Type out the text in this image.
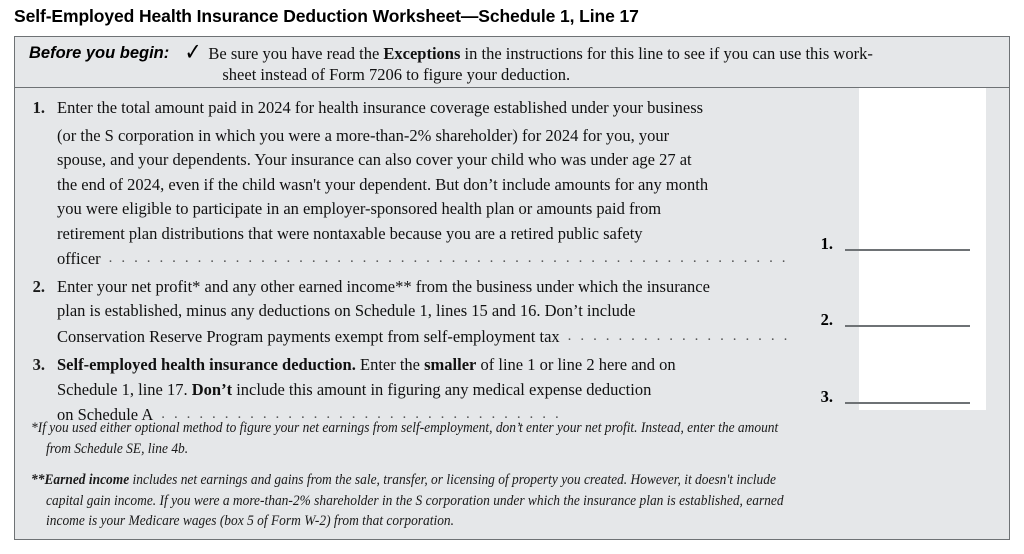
Self-Employed Health Insurance Deduction Worksheet—Schedule 1, Line 17
Before you begin: ✓ Be sure you have read the Exceptions in the instructions for this line to see if you can use this work-
sheet instead of Form 7206 to figure your deduction.
1. Enter the total amount paid in 2024 for health insurance coverage established under your business
(or the S corporation in which you were a more-than-2% shareholder) for 2024 for you, your
spouse, and your dependents. Your insurance can also cover your child who was under age 27 at
the end of 2024, even if the child wasn't your dependent. But don’t include amounts for any month
you were eligible to participate in an employer-sponsored health plan or amounts paid from
retirement plan distributions that were nontaxable because you are a retired public safety
officer . . . . . . . . . . . . . . . . . . . . . . . . . . . . . . . . . . . . . . . . . . . . . . . . . . . . . .
2. Enter your net profit* and any other earned income** from the business under which the insurance
plan is established, minus any deductions on Schedule 1, lines 15 and 16. Don’t include
Conservation Reserve Program payments exempt from self-employment tax . . . . . . . . . . . . . . . . . .
3. Self-employed health insurance deduction. Enter the smaller of line 1 or line 2 here and on
Schedule 1, line 17. Don’t include this amount in figuring any medical expense deduction
on Schedule A . . . . . . . . . . . . . . . . . . . . . . . . . . . . . . . .
1.
2.
3.
*If you used either optional method to figure your net earnings from self-employment, don’t enter your net profit. Instead, enter the amount
from Schedule SE, line 4b.
**Earned income includes net earnings and gains from the sale, transfer, or licensing of property you created. However, it doesn't include
capital gain income. If you were a more-than-2% shareholder in the S corporation under which the insurance plan is established, earned
income is your Medicare wages (box 5 of Form W-2) from that corporation.
